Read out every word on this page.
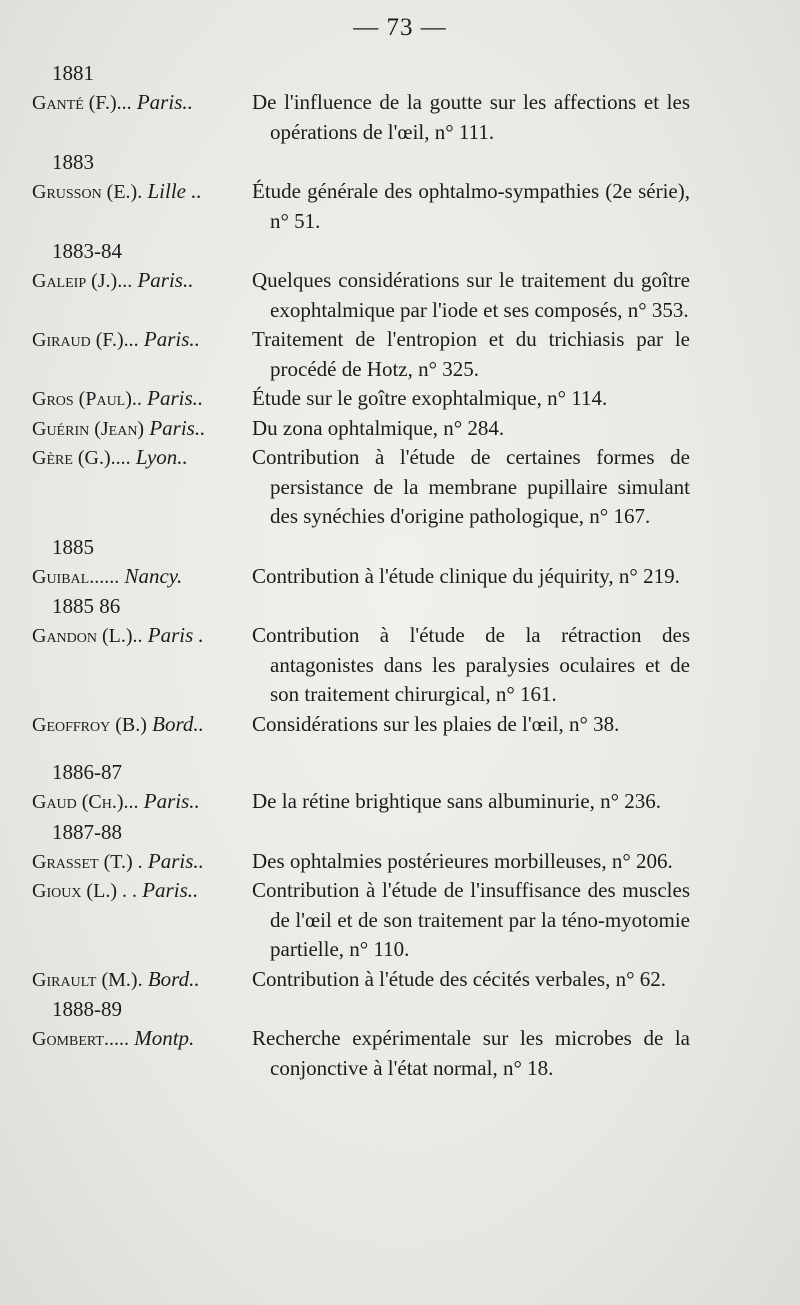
— 73 —
1881
Ganté (F.)... Paris..	De l'influence de la goutte sur les affections et les opérations de l'œil, n° 111.
1883
Grusson (E.). Lille ..	Étude générale des ophtalmo-sympathies (2e série), n° 51.
1883-84
Galeip (J.)... Paris..	Quelques considérations sur le traitement du goître exophtalmique par l'iode et ses composés, n° 353.
Giraud (F.)... Paris..	Traitement de l'entropion et du trichiasis par le procédé de Hotz, n° 325.
Gros (Paul).. Paris..	Étude sur le goître exophtalmique, n° 114.
Guérin (Jean) Paris..	Du zona ophtalmique, n° 284.
Gère (G.).... Lyon..	Contribution à l'étude de certaines formes de persistance de la membrane pupillaire simulant des synéchies d'origine pathologique, n° 167.
1885
Guibal...... Nancy.	Contribution à l'étude clinique du jéquirity, n° 219.
1885 86
Gandon (L.).. Paris .	Contribution à l'étude de la rétraction des antagonistes dans les paralysies oculaires et de son traitement chirurgical, n° 161.
Geoffroy (B.) Bord..	Considérations sur les plaies de l'œil, n° 38.
1886-87
Gaud (Ch.)... Paris..	De la rétine brightique sans albuminurie, n° 236.
1887-88
Grasset (T.) . Paris..	Des ophtalmies postérieures morbilleuses, n° 206.
Gioux (L.) . . Paris..	Contribution à l'étude de l'insuffisance des muscles de l'œil et de son traitement par la téno-myotomie partielle, n° 110.
Girault (M.). Bord..	Contribution à l'étude des cécités verbales, n° 62.
1888-89
Gombert..... Montp.	Recherche expérimentale sur les microbes de la conjonctive à l'état normal, n° 18.
